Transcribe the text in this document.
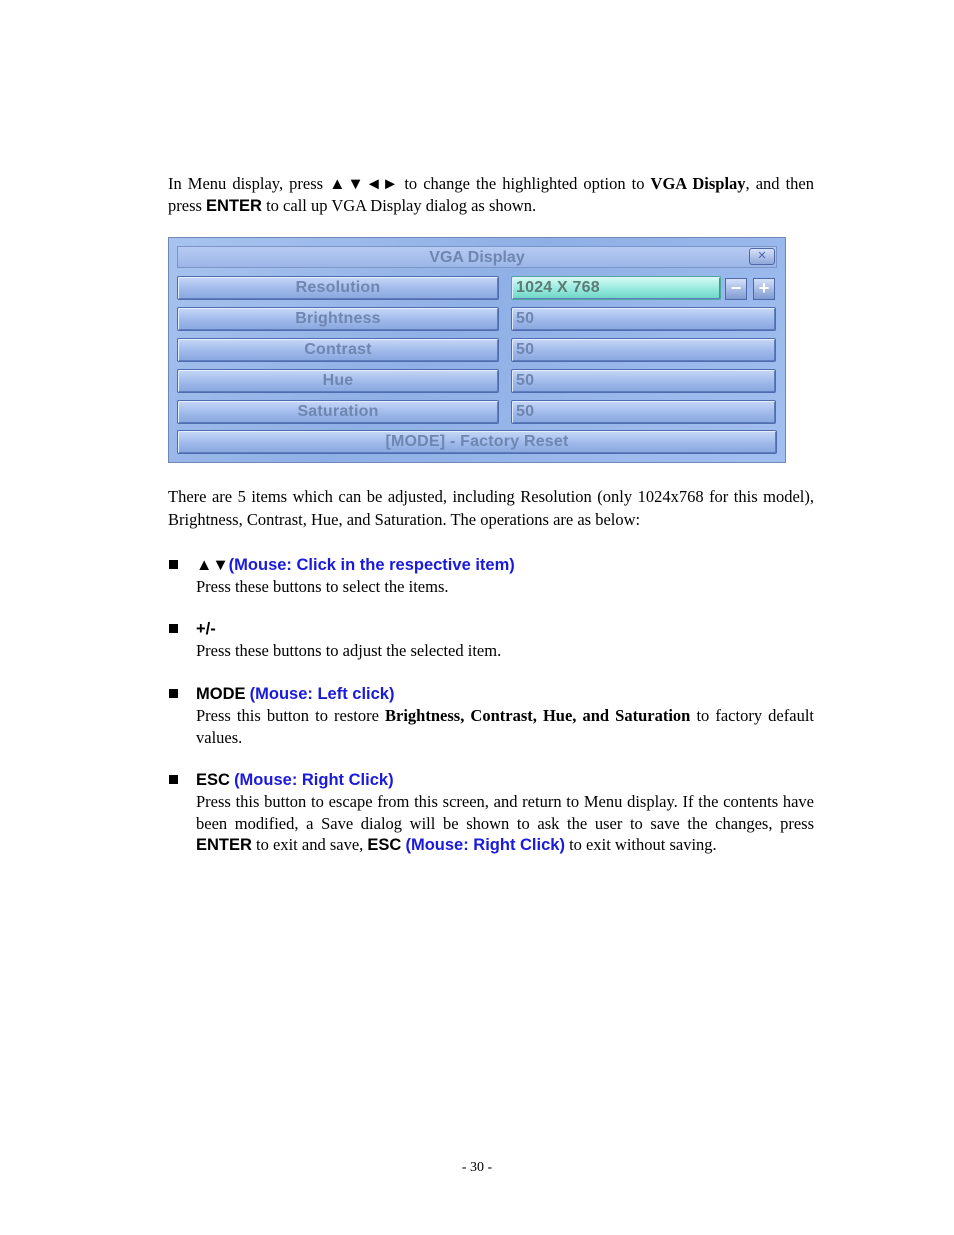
In Menu display, press ▲▼◄► to change the highlighted option to VGA Display, and then press ENTER to call up VGA Display dialog as shown.
VGA Display	✕
Resolution	1024 X 768	− +
Brightness	50
Contrast	50
Hue	50
Saturation	50
[MODE] - Factory Reset
There are 5 items which can be adjusted, including Resolution (only 1024x768 for this model), Brightness, Contrast, Hue, and Saturation. The operations are as below:
▲▼(Mouse: Click in the respective item)
Press these buttons to select the items.
+/-
Press these buttons to adjust the selected item.
MODE (Mouse: Left click)
Press this button to restore Brightness, Contrast, Hue, and Saturation to factory default values.
ESC (Mouse: Right Click)
Press this button to escape from this screen, and return to Menu display. If the contents have been modified, a Save dialog will be shown to ask the user to save the changes, press ENTER to exit and save, ESC (Mouse: Right Click) to exit without saving.
- 30 -
